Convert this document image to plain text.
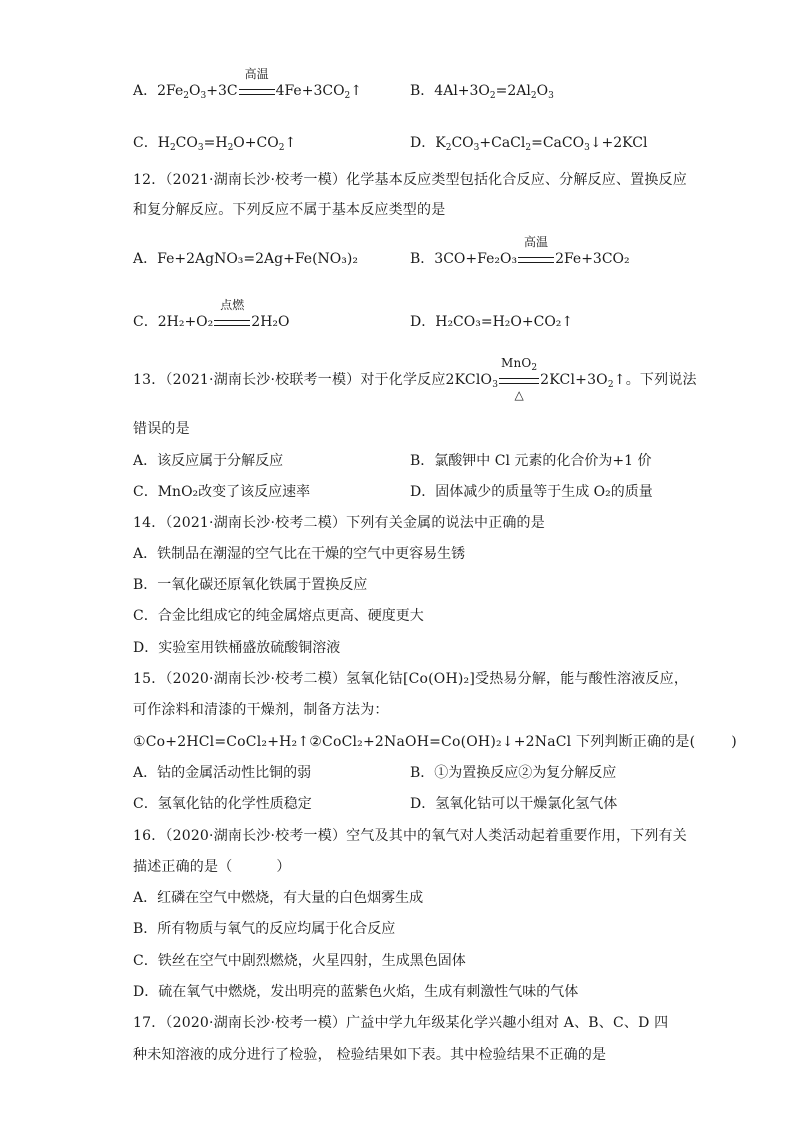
A．$2Fe_2O_3+3C$
高温
$4Fe+3CO_2↑$	B．$4Al+3O_2=2Al_2O_3$
C．$H_2CO_3=H_2O+CO_2↑$	D．$K_2CO_3+CaCl_2=CaCO_3↓+2KCl$
12．（2021·湖南长沙·校考一模）化学基本反应类型包括化合反应、分解反应、置换反应
和复分解反应。下列反应不属于基本反应类型的是
A．Fe+2AgNO₃=2Ag+Fe(NO₃)₂	B．3CO+Fe₂O₃
高温
2Fe+3CO₂
C．2H₂+O₂
点燃
2H₂O	D．H₂CO₃=H₂O+CO₂↑
13．（2021·湖南长沙·校联考一模）对于化学反应2KClO$_3$
MnO$_2$
△
$2KCl+3O_2↑$。下列说法
错误的是
A．该反应属于分解反应	B．氯酸钾中 Cl 元素的化合价为+1 价
C．MnO₂改变了该反应速率	D．固体减少的质量等于生成 O₂的质量
14．（2021·湖南长沙·校考二模）下列有关金属的说法中正确的是
A．铁制品在潮湿的空气比在干燥的空气中更容易生锈
B．一氧化碳还原氧化铁属于置换反应
C．合金比组成它的纯金属熔点更高、硬度更大
D．实验室用铁桶盛放硫酸铜溶液
15．（2020·湖南长沙·校考二模）氢氧化钴[Co(OH)₂]受热易分解，能与酸性溶液反应，
可作涂料和清漆的干燥剂，制备方法为：
①Co+2HCl=CoCl₂+H₂↑②CoCl₂+2NaOH=Co(OH)₂↓+2NaCl 下列判断正确的是(	)
A．钴的金属活动性比铜的弱	B．①为置换反应②为复分解反应
C．氢氧化钴的化学性质稳定	D．氢氧化钴可以干燥氯化氢气体
16．（2020·湖南长沙·校考一模）空气及其中的氧气对人类活动起着重要作用，下列有关
描述正确的是（	）
A．红磷在空气中燃烧，有大量的白色烟雾生成
B．所有物质与氧气的反应均属于化合反应
C．铁丝在空气中剧烈燃烧，火星四射，生成黑色固体
D．硫在氧气中燃烧，发出明亮的蓝紫色火焰，生成有刺激性气味的气体
17．（2020·湖南长沙·校考一模）广益中学九年级某化学兴趣小组对 A、B、C、D 四
种未知溶液的成分进行了检验， 检验结果如下表。其中检验结果不正确的是
